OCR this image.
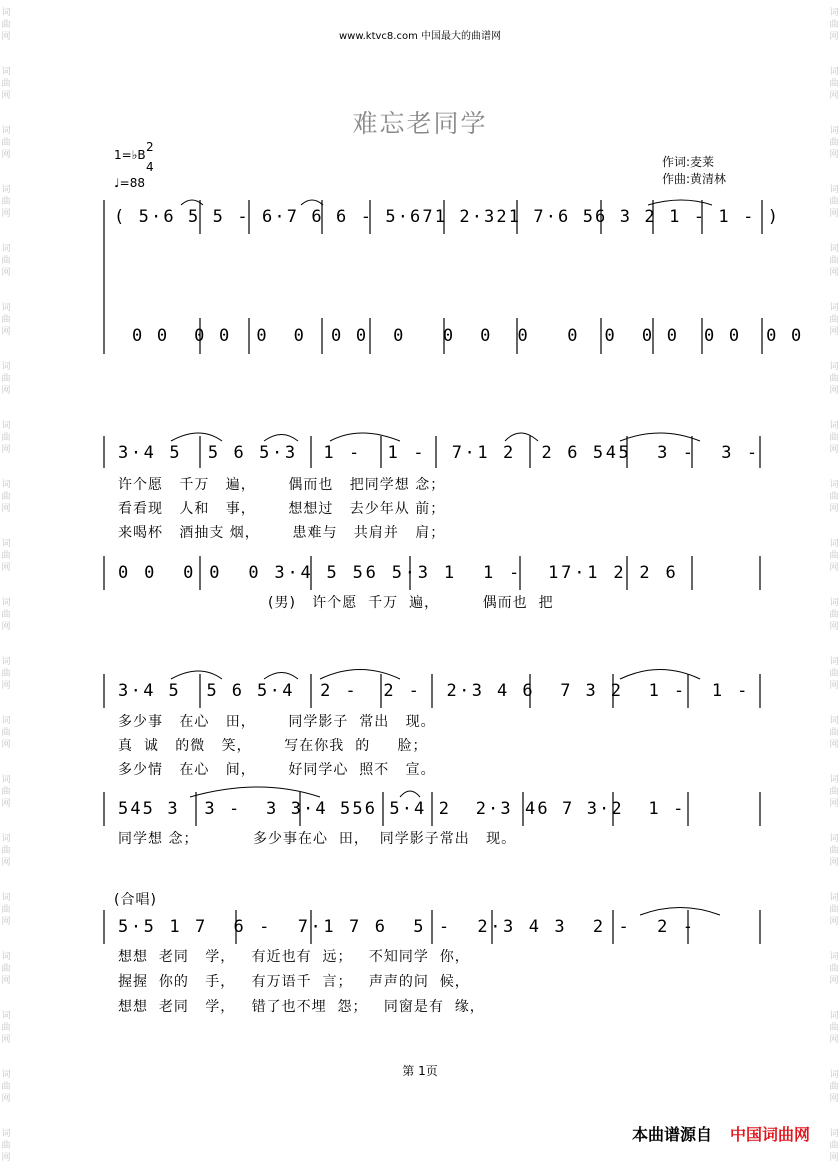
词
曲
网
词
曲
网
词
曲
网
词
曲
网
词
曲
网
词
曲
网
词
曲
网
词
曲
网
词
曲
网
词
曲
网
词
曲
网
词
曲
网
词
曲
网
词
曲
网
词
曲
网
词
曲
网
词
曲
网
词
曲
网
词
曲
网
词
曲
网
词
曲
网
词
曲
网
词
曲
网
词
曲
网
词
曲
网
词
曲
网
词
曲
网
词
曲
网
词
曲
网
词
曲
网
词
曲
网
词
曲
网
词
曲
网
词
曲
网
词
曲
网
词
曲
网
词
曲
网
词
曲
网
词
曲
网
词
曲
网
www.ktvc8.com 中国最大的曲谱网
难忘老同学
1=♭B
2
4
♩=88
作词:麦莱
作曲:黄清林
( 5·6 5 5 - 6·7 6 6 - 5·671 2·321 7·6 56 3 2 1 - 1 - )
0 0  0 0  0  0  0 0  0   0  0  0   0  0  0 0  0 0  0 0
3·4 5  5 6 5·3  1 -  1 -  7·1 2  2 6 545  3 -  3 -
许个愿   千万   遍，      偶而也   把同学想 念；
看看现   人和   事，      想想过   去少年从 前；
来喝杯   酒抽支 烟，      患难与   共肩并   肩；
0 0  0 0  0 3·4 5 56 5·3 1  1 -  17·1 2 2 6
(男)   许个愿  千万  遍，        偶而也  把
3·4 5  5 6 5·4  2 -  2 -  2·3 4 6  7 3 2  1 -  1 -
多少事   在心   田，      同学影子  常出   现。
真  诚   的微   笑，      写在你我  的     脸；
多少情   在心   间，      好同学心  照不   宣。
545 3  3 -  3 3·4 556 5·4 2  2·3 46 7 3·2  1 -
同学想 念；          多少事在心  田，  同学影子常出   现。
(合唱)
5·5 1 7  6 -  7·1 7 6  5 -  2·3 4 3  2 -  2 -
想想  老同   学，   有近也有  远；   不知同学  你，
握握  你的   手，   有万语千  言；   声声的问  候，
想想  老同   学，   错了也不埋  怨；   同窗是有  缘，
第 1页
本曲谱源自 中国词曲网
